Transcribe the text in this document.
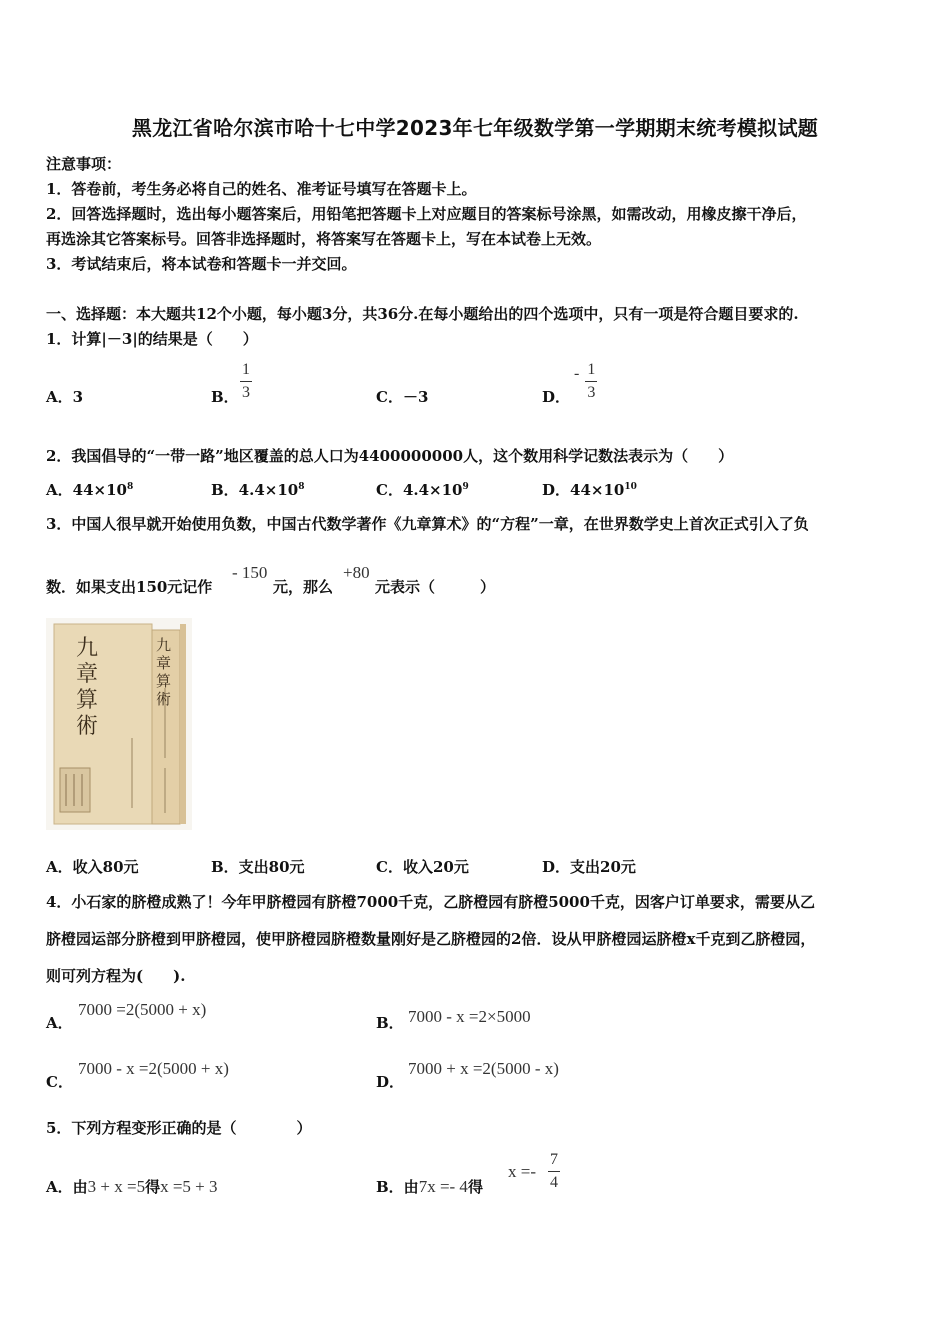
黑龙江省哈尔滨市哈十七中学2023年七年级数学第一学期期末统考模拟试题
注意事项：
1．答卷前，考生务必将自己的姓名、准考证号填写在答题卡上。
2．回答选择题时，选出每小题答案后，用铅笔把答题卡上对应题目的答案标号涂黑，如需改动，用橡皮擦干净后，
再选涂其它答案标号。回答非选择题时，将答案写在答题卡上，写在本试卷上无效。
3．考试结束后，将本试卷和答题卡一并交回。
一、选择题：本大题共12个小题，每小题3分，共36分.在每小题给出的四个选项中，只有一项是符合题目要求的.
1．计算|－3|的结果是（　　）
A．3	B． $\frac{1}{3}$	C．－3	D．
- $\frac{1}{3}$
2．我国倡导的“一带一路”地区覆盖的总人口为4400000000人，这个数用科学记数法表示为（　　）
A．$44\times 10^8$	B．$4.4\times 10^8$	C．$4.4\times 10^9$	D．$44\times 10^{10}$
3．中国人很早就开始使用负数，中国古代数学著作《九章算术》的“方程”一章，在世界数学史上首次正式引入了负
数．如果支出150元记作
- 150
元，那么
+80
元表示（　　　）
九章算術
九章算術
A．收入80元	B．支出80元	C．收入20元	D．支出20元
4．小石家的脐橙成熟了！今年甲脐橙园有脐橙7000千克，乙脐橙园有脐橙5000千克，因客户订单要求，需要从乙
脐橙园运部分脐橙到甲脐橙园，使甲脐橙园脐橙数量刚好是乙脐橙园的2倍．设从甲脐橙园运脐橙x千克到乙脐橙园，
则可列方程为(　　).
A．
7000 =2(5000 + x)
B． 7000 - x =2×5000
C．
7000 - x =2(5000 + x)
D．
7000 + x =2(5000 - x)
5．下列方程变形正确的是（　　　　）
A．由3 + x =5得x =5 + 3	B．由7x =- 4得
$x =- \frac{7}{4}$
